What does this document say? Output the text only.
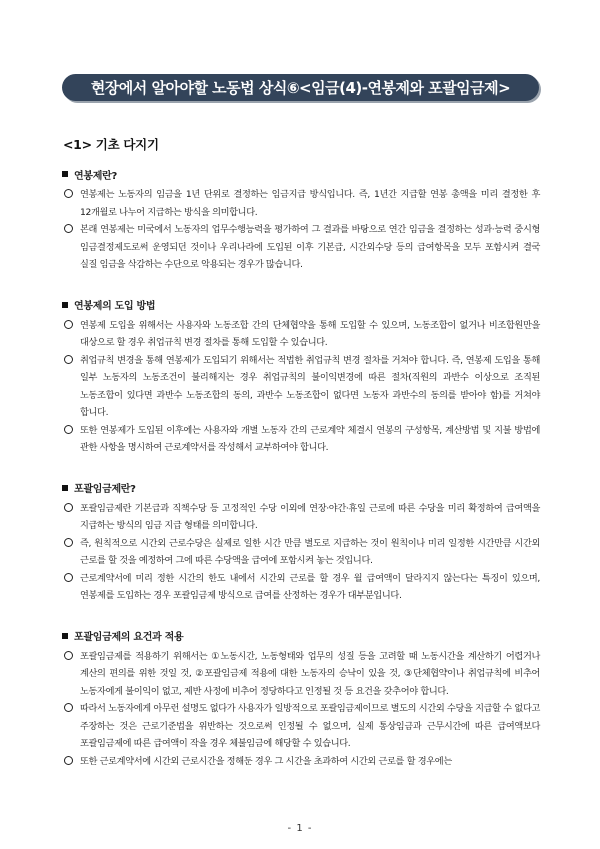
현장에서 알아야할 노동법 상식⑥<임금(4)-연봉제와 포괄임금제>
<1> 기초 다지기
연봉제란?

연봉제는 노동자의 임금을 1년 단위로 결정하는 임금지급 방식입니다. 즉, 1년간 지급할 연봉 총액을 미리 결정한 후 12개월로 나누어 지급하는 방식을 의미합니다.

본래 연봉제는 미국에서 노동자의 업무수행능력을 평가하여 그 결과를 바탕으로 연간 임금을 결정하는 성과·능력 중시형 임금결정제도로써 운영되던 것이나 우리나라에 도입된 이후 기본급, 시간외수당 등의 급여항목을 모두 포함시켜 결국 실질 임금을 삭감하는 수단으로 악용되는 경우가 많습니다.

연봉제의 도입 방법

연봉제 도입을 위해서는 사용자와 노동조합 간의 단체협약을 통해 도입할 수 있으며, 노동조합이 없거나 비조합원만을 대상으로 할 경우 취업규칙 변경 절차를 통해 도입할 수 있습니다.

취업규칙 변경을 통해 연봉제가 도입되기 위해서는 적법한 취업규칙 변경 절차를 거쳐야 합니다. 즉, 연봉제 도입을 통해 일부 노동자의 노동조건이 불리해지는 경우 취업규칙의 불이익변경에 따른 절차(직원의 과반수 이상으로 조직된 노동조합이 있다면 과반수 노동조합의 동의, 과반수 노동조합이 없다면 노동자 과반수의 동의를 받아야 함)를 거쳐야 합니다.

또한 연봉제가 도입된 이후에는 사용자와 개별 노동자 간의 근로계약 체결시 연봉의 구성항목, 계산방법 및 지불 방법에 관한 사항을 명시하여 근로계약서를 작성해서 교부하여야 합니다.

포괄임금제란?

포괄임금제란 기본급과 직책수당 등 고정적인 수당 이외에 연장·야간·휴일 근로에 따른 수당을 미리 확정하여 급여액을 지급하는 방식의 임금 지급 형태를 의미합니다.

즉, 원칙적으로 시간외 근로수당은 실제로 일한 시간 만큼 별도로 지급하는 것이 원칙이나 미리 일정한 시간만큼 시간외 근로를 할 것을 예정하여 그에 따른 수당액을 급여에 포함시켜 놓는 것입니다.

근로계약서에 미리 정한 시간의 한도 내에서 시간외 근로를 할 경우 월 급여액이 달라지지 않는다는 특징이 있으며, 연봉제를 도입하는 경우 포괄임금제 방식으로 급여를 산정하는 경우가 대부분입니다.

포괄임금제의 요건과 적용

포괄임금제를 적용하기 위해서는 ①노동시간, 노동형태와 업무의 성질 등을 고려할 때 노동시간을 계산하기 어렵거나 계산의 편의를 위한 것일 것, ②포괄임금제 적용에 대한 노동자의 승낙이 있을 것, ③단체협약이나 취업규칙에 비추어 노동자에게 불이익이 없고, 제반 사정에 비추어 정당하다고 인정될 것 등 요건을 갖추어야 합니다.

따라서 노동자에게 아무런 설명도 없다가 사용자가 일방적으로 포괄임금제이므로 별도의 시간외 수당을 지급할 수 없다고 주장하는 것은 근로기준법을 위반하는 것으로써 인정될 수 없으며, 실제 통상임금과 근무시간에 따른 급여액보다 포괄임금제에 따른 급여액이 작을 경우 체불임금에 해당할 수 있습니다.

또한 근로계약서에 시간외 근로시간을 정해둔 경우 그 시간을 초과하여 시간외 근로를 할 경우에는

- 1 -
